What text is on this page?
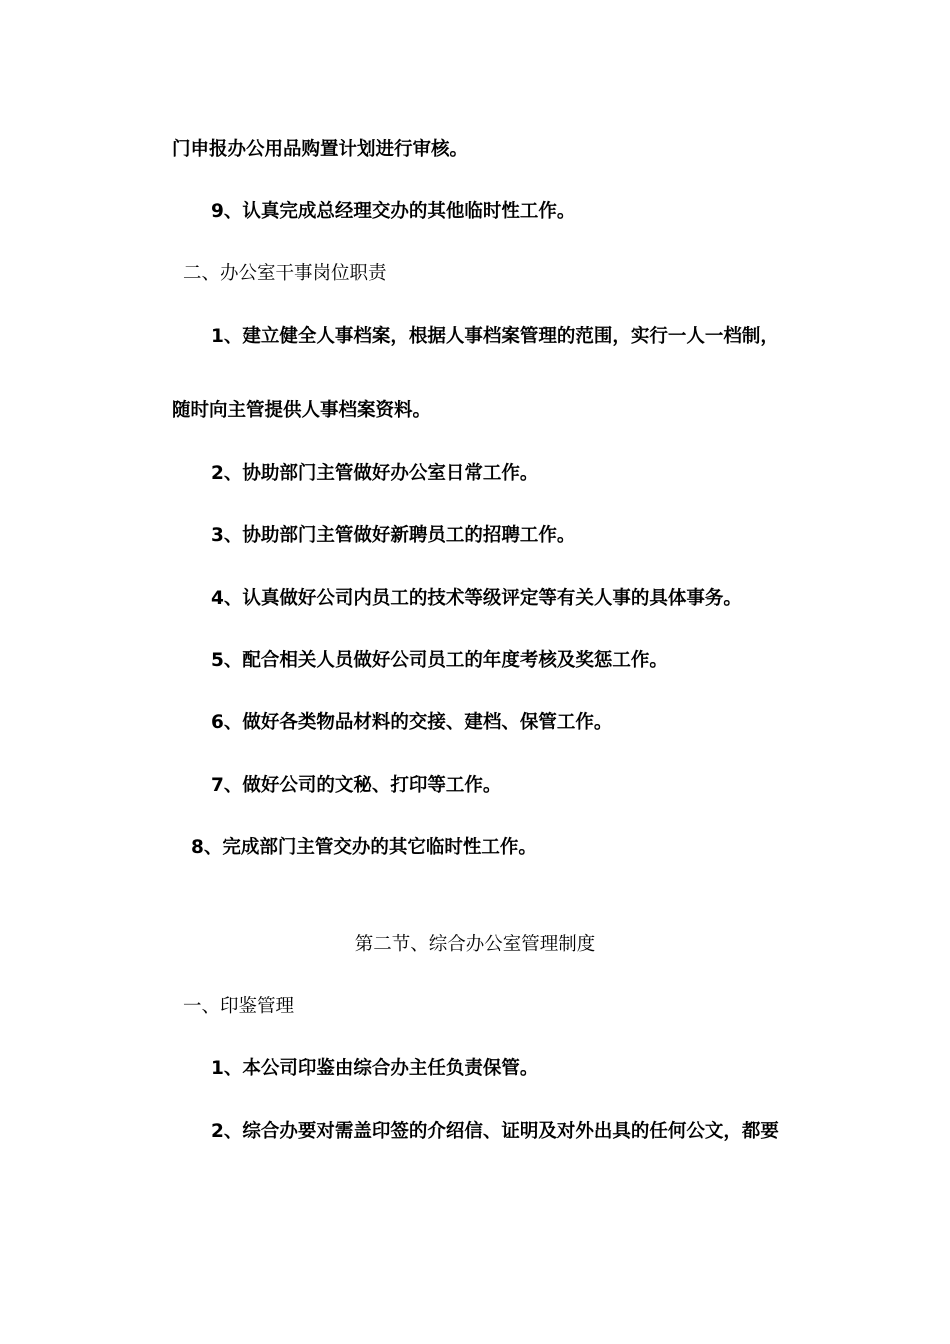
门申报办公用品购置计划进行审核。
9、认真完成总经理交办的其他临时性工作。
二、办公室干事岗位职责
1、建立健全人事档案，根据人事档案管理的范围，实行一人一档制，
随时向主管提供人事档案资料。
2、协助部门主管做好办公室日常工作。
3、协助部门主管做好新聘员工的招聘工作。
4、认真做好公司内员工的技术等级评定等有关人事的具体事务。
5、配合相关人员做好公司员工的年度考核及奖惩工作。
6、做好各类物品材料的交接、建档、保管工作。
7、做好公司的文秘、打印等工作。
8、完成部门主管交办的其它临时性工作。
第二节、综合办公室管理制度
一、印鉴管理
1、本公司印鉴由综合办主任负责保管。
2、综合办要对需盖印签的介绍信、证明及对外出具的任何公文，都要
